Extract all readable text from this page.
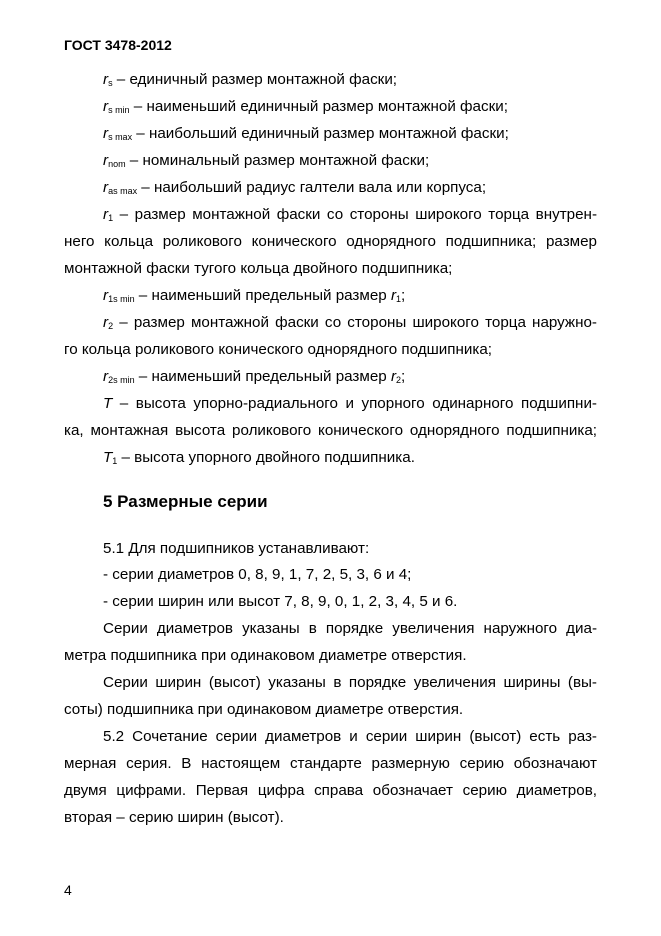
ГОСТ 3478-2012
$r_s$ – единичный размер монтажной фаски;
$r_{s min}$ – наименьший единичный размер монтажной фаски;
$r_{s max}$ – наибольший единичный размер монтажной фаски;
$r_{nom}$ – номинальный размер монтажной фаски;
$r_{as max}$ – наибольший радиус галтели вала или корпуса;
$r_1$ – размер монтажной фаски со стороны широкого торца внутрен-
него кольца роликового конического однорядного подшипника; размер
монтажной фаски тугого кольца двойного подшипника;
$r_{1s min}$ – наименьший предельный размер $r_1$;
$r_2$ – размер монтажной фаски со стороны широкого торца наружно-
го кольца роликового конического однорядного подшипника;
$r_{2s min}$ – наименьший предельный размер $r_2$;
T – высота упорно-радиального и упорного одинарного подшипни-
ка, монтажная высота роликового конического однорядного подшипника;
$T_1$ – высота упорного двойного подшипника.
5 Размерные серии
5.1 Для подшипников устанавливают:
- серии диаметров 0, 8, 9, 1, 7, 2, 5, 3, 6 и 4;
- серии ширин или высот 7, 8, 9, 0, 1, 2, 3, 4, 5 и 6.
Серии диаметров указаны в порядке увеличения наружного диа-
метра подшипника при одинаковом диаметре отверстия.
Серии ширин (высот) указаны в порядке увеличения ширины (вы-
соты) подшипника при одинаковом диаметре отверстия.
5.2 Сочетание серии диаметров и серии ширин (высот) есть раз-
мерная серия. В настоящем стандарте размерную серию обозначают
двумя цифрами. Первая цифра справа обозначает серию диаметров,
вторая – серию ширин (высот).
4
